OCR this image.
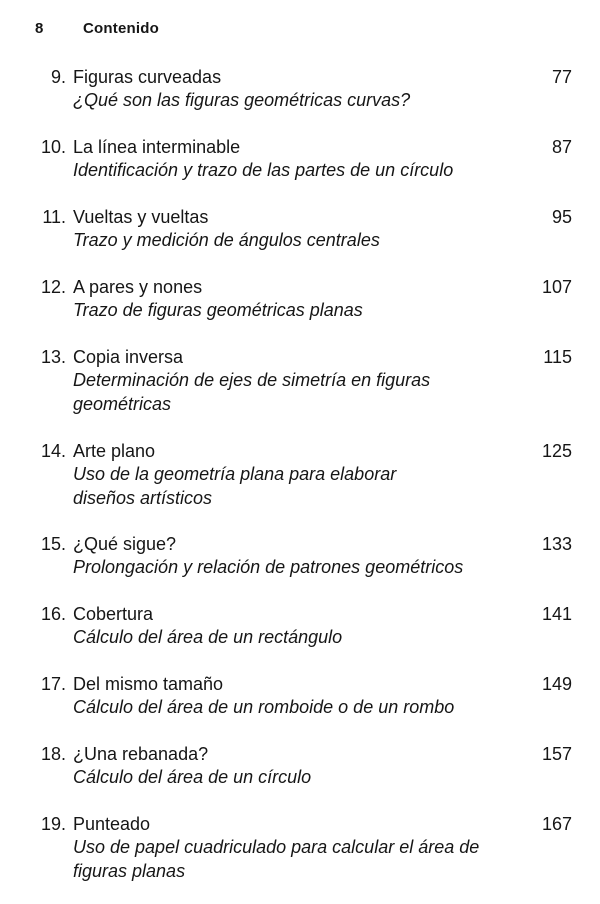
8	Contenido
9. Figuras curveadas	77
¿Qué son las figuras geométricas curvas?
10. La línea interminable	87
Identificación y trazo de las partes de un círculo
11. Vueltas y vueltas	95
Trazo y medición de ángulos centrales
12. A pares y nones	107
Trazo de figuras geométricas planas
13. Copia inversa	115
Determinación de ejes de simetría en figuras geométricas
14. Arte plano	125
Uso de la geometría plana para elaborar diseños artísticos
15. ¿Qué sigue?	133
Prolongación y relación de patrones geométricos
16. Cobertura	141
Cálculo del área de un rectángulo
17. Del mismo tamaño	149
Cálculo del área de un romboide o de un rombo
18. ¿Una rebanada?	157
Cálculo del área de un círculo
19. Punteado	167
Uso de papel cuadriculado para calcular el área de figuras planas
